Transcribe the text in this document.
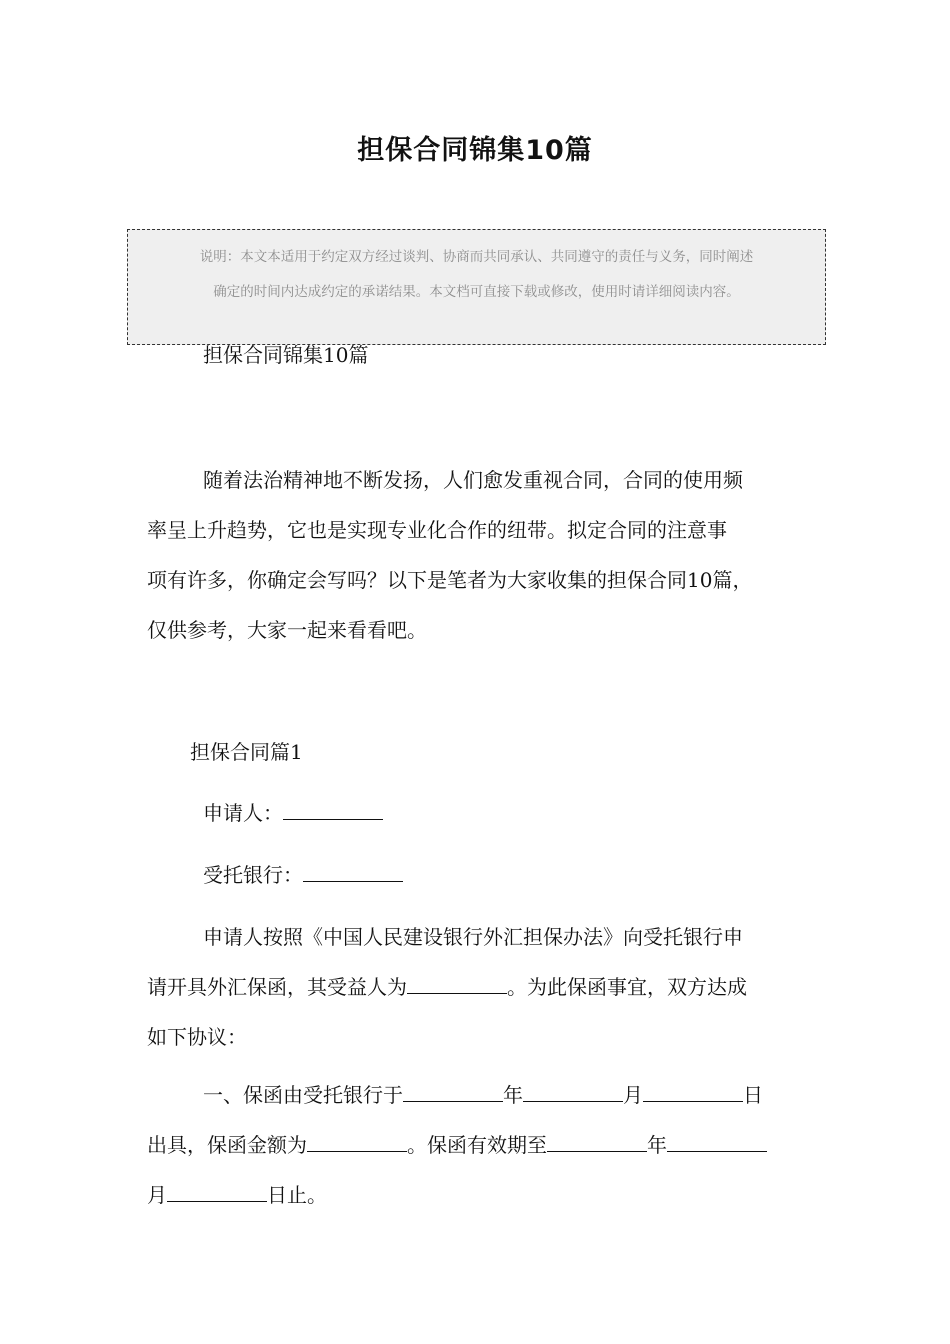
担保合同锦集10篇
说明：本文本适用于约定双方经过谈判、协商而共同承认、共同遵守的责任与义务，同时阐述
确定的时间内达成约定的承诺结果。本文档可直接下载或修改，使用时请详细阅读内容。

担保合同锦集10篇

随着法治精神地不断发扬，人们愈发重视合同，合同的使用频

率呈上升趋势，它也是实现专业化合作的纽带。拟定合同的注意事

项有许多，你确定会写吗？以下是笔者为大家收集的担保合同10篇，

仅供参考，大家一起来看看吧。

担保合同篇1

申请人：

受托银行：

申请人按照《中国人民建设银行外汇担保办法》向受托银行申

请开具外汇保函，其受益人为	。为此保函事宜，双方达成

如下协议：

一、保函由受托银行于	年	月	日

出具，保函金额为	。保函有效期至	年

月	日止。
